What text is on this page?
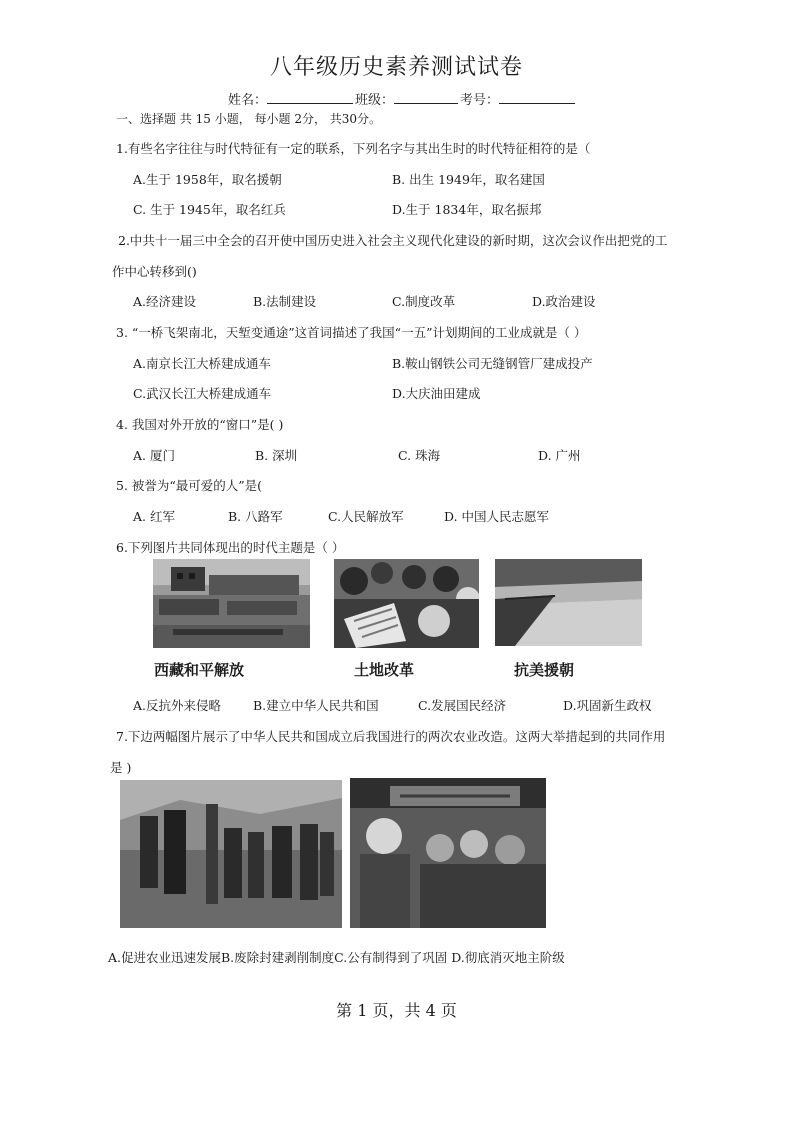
八年级历史素养测试试卷
姓名：	班级：	考号：
一、选择题 共 15 小题， 每小题 2分， 共30分。
1.有些名字往往与时代特征有一定的联系，下列名字与其出生时的时代特征相符的是（
A.生于 1958年，取名援朝	B. 出生 1949年，取名建国
C. 生于 1945年，取名红兵	D.生于 1834年，取名振邦
2.中共十一届三中全会的召开使中国历史进入社会主义现代化建设的新时期，这次会议作出把党的工
作中心转移到()
A.经济建设	B.法制建设	C.制度改革	D.政治建设
3. “一桥飞架南北，天堑变通途”这首词描述了我国“一五”计划期间的工业成就是（ ）
A.南京长江大桥建成通车	B.鞍山钢铁公司无缝钢管厂建成投产
C.武汉长江大桥建成通车	D.大庆油田建成
4. 我国对外开放的“窗口”是( )
A. 厦门	B. 深圳	C. 珠海	D. 广州
5. 被誉为“最可爱的人”是(
A. 红军	B. 八路军	C.人民解放军	D. 中国人民志愿军
6.下列图片共同体现出的时代主题是（ ）
西藏和平解放	土地改革	抗美援朝
A.反抗外来侵略	B.建立中华人民共和国	C.发展国民经济	D.巩固新生政权
7.下边两幅图片展示了中华人民共和国成立后我国进行的两次农业改造。这两大举措起到的共同作用
是 )
A.促进农业迅速发展B.废除封建剥削制度C.公有制得到了巩固 D.彻底消灭地主阶级
第 1 页，共 4 页
